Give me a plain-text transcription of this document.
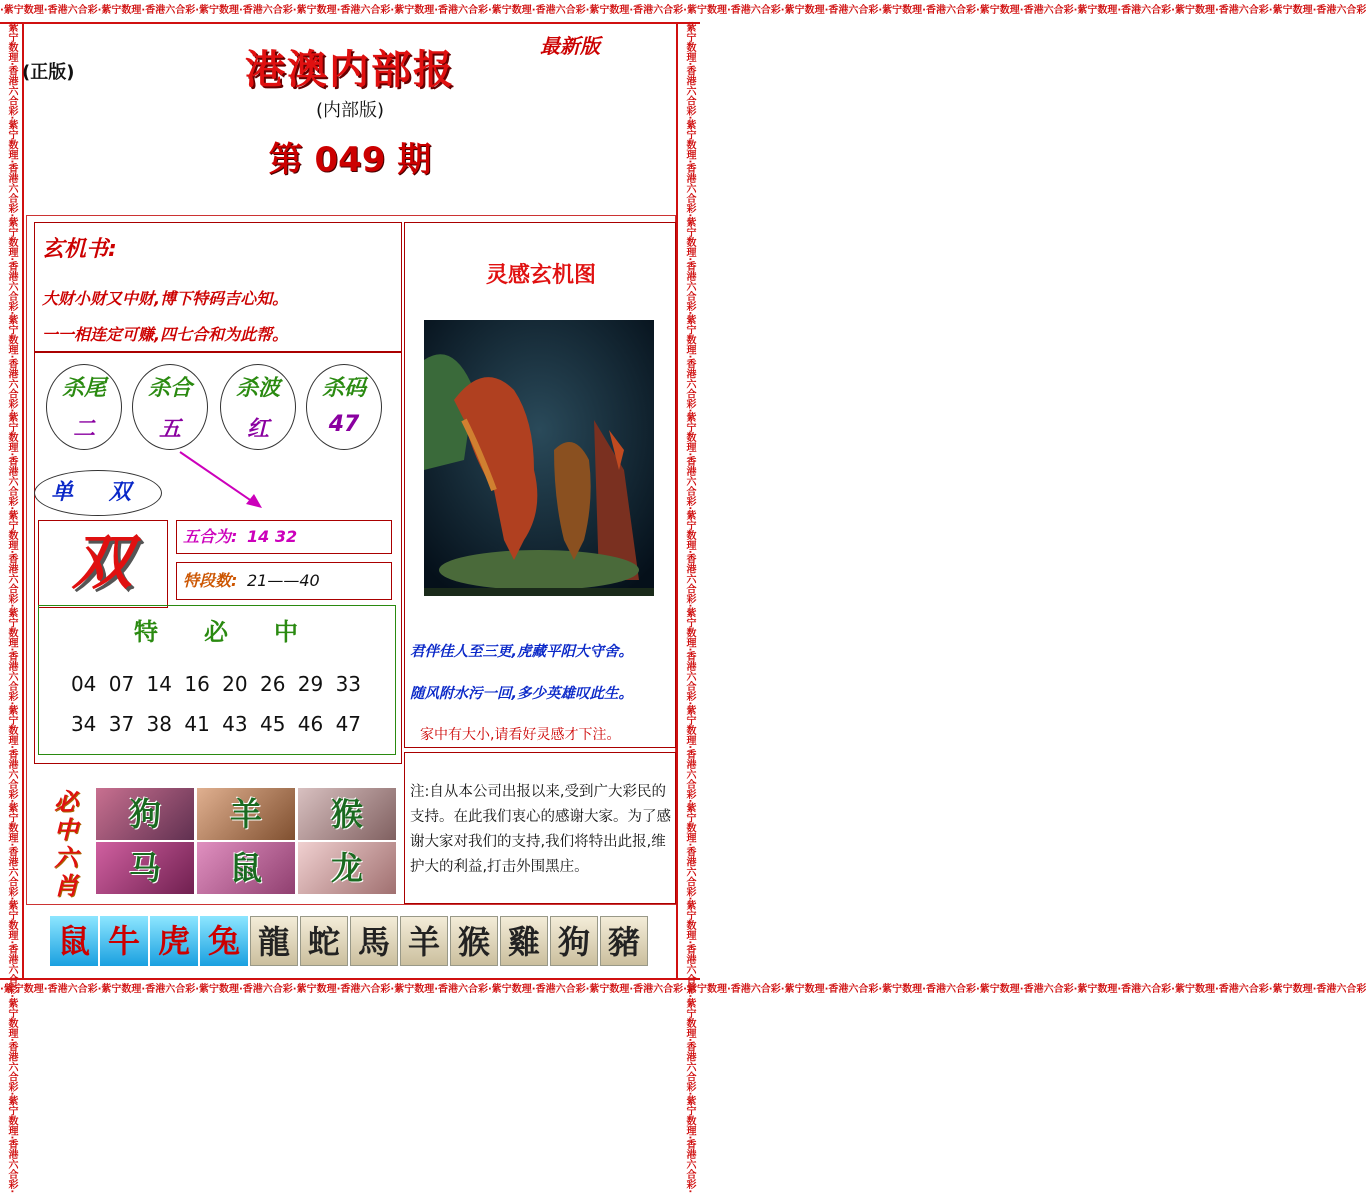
·紫宁数理·香港六合彩·紫宁数理·香港六合彩·紫宁数理·香港六合彩·紫宁数理·香港六合彩·紫宁数理·香港六合彩·紫宁数理·香港六合彩·紫宁数理·香港六合彩·紫宁数理·香港六合彩·紫宁数理·香港六合彩·紫宁数理·香港六合彩·紫宁数理·香港六合彩·紫宁数理·香港六合彩·紫宁数理·香港六合彩·紫宁数理·香港六合彩
·紫宁数理·香港六合彩·紫宁数理·香港六合彩·紫宁数理·香港六合彩·紫宁数理·香港六合彩·紫宁数理·香港六合彩·紫宁数理·香港六合彩·紫宁数理·香港六合彩·紫宁数理·香港六合彩·紫宁数理·香港六合彩·紫宁数理·香港六合彩·紫宁数理·香港六合彩·紫宁数理·香港六合彩·紫宁数理·香港六合彩·紫宁数理·香港六合彩
紫宁数理·香港六合彩·紫宁数理·香港六合彩·紫宁数理·香港六合彩·紫宁数理·香港六合彩·紫宁数理·香港六合彩·紫宁数理·香港六合彩·紫宁数理·香港六合彩·紫宁数理·香港六合彩·紫宁数理·香港六合彩·紫宁数理·香港六合彩·紫宁数理·香港六合彩·紫宁数理·香港六合彩·	紫宁数理·香港六合彩·紫宁数理·香港六合彩·紫宁数理·香港六合彩·紫宁数理·香港六合彩·紫宁数理·香港六合彩·紫宁数理·香港六合彩·紫宁数理·香港六合彩·紫宁数理·香港六合彩·紫宁数理·香港六合彩·紫宁数理·香港六合彩·紫宁数理·香港六合彩·紫宁数理·香港六合彩·
(正版)	港澳内部报	最新版
(内部版)
第 049 期
玄机书:
大财小财又中财,博下特码吉心知。
一一相连定可赚,四七合和为此帮。
杀尾
二
杀合
五
杀波
红
杀码
47
单 双
双	五合为: 14 32
特段数: 21——40
特必中
04 07 14 16 20 26 29 33
34 37 38 41 43 45 46 47
灵感玄机图
君伴佳人至三更,虎藏平阳大守舍。
随风附水污一回,多少英雄叹此生。
家中有大小,请看好灵感才下注。
注:自从本公司出报以来,受到广大彩民的支持。在此我们衷心的感谢大家。为了感谢大家对我们的支持,我们将特出此报,维护大的利益,打击外围黑庄。
必
中
六
肖
狗	羊	猴
马	鼠	龙
鼠 牛 虎 兔 龍 蛇 馬 羊 猴 雞 狗 豬
